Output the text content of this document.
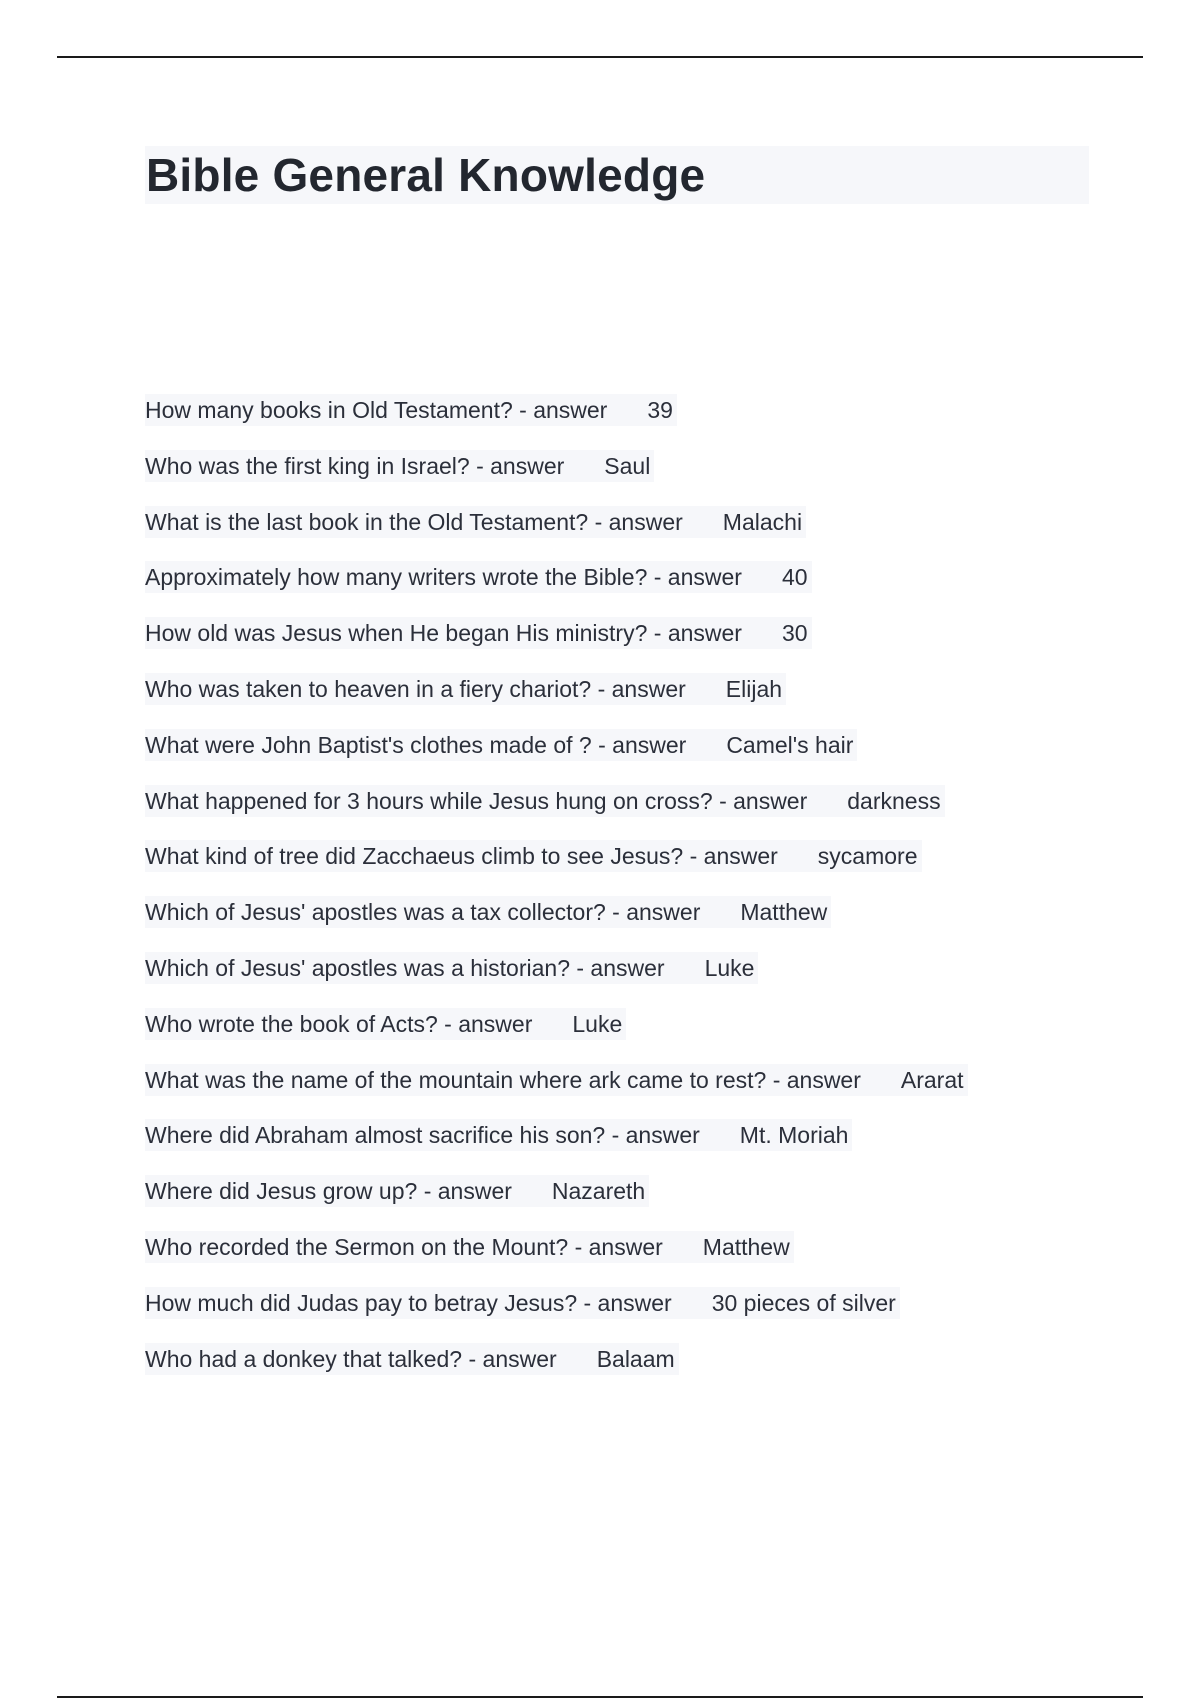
Bible General Knowledge
How many books in Old Testament? - answer 39
Who was the first king in Israel? - answer Saul
What is the last book in the Old Testament? - answer Malachi
Approximately how many writers wrote the Bible? - answer 40
How old was Jesus when He began His ministry? - answer 30
Who was taken to heaven in a fiery chariot? - answer Elijah
What were John Baptist's clothes made of ? - answer Camel's hair
What happened for 3 hours while Jesus hung on cross? - answer darkness
What kind of tree did Zacchaeus climb to see Jesus? - answer sycamore
Which of Jesus' apostles was a tax collector? - answer Matthew
Which of Jesus' apostles was a historian? - answer Luke
Who wrote the book of Acts? - answer Luke
What was the name of the mountain where ark came to rest? - answer Ararat
Where did Abraham almost sacrifice his son? - answer Mt. Moriah
Where did Jesus grow up? - answer Nazareth
Who recorded the Sermon on the Mount? - answer Matthew
How much did Judas pay to betray Jesus? - answer 30 pieces of silver
Who had a donkey that talked? - answer Balaam
